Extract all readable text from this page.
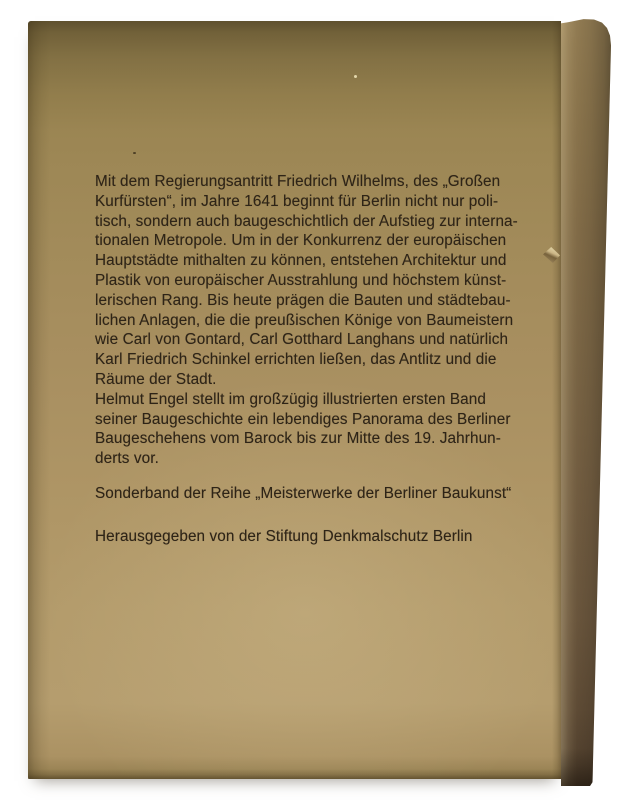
Mit dem Regierungsantritt Friedrich Wilhelms, des „Großen
Kurfürsten“, im Jahre 1641 beginnt für Berlin nicht nur poli-
tisch, sondern auch baugeschichtlich der Aufstieg zur interna-
tionalen Metropole. Um in der Konkurrenz der europäischen
Hauptstädte mithalten zu können, entstehen Architektur und
Plastik von europäischer Ausstrahlung und höchstem künst-
lerischen Rang. Bis heute prägen die Bauten und städtebau-
lichen Anlagen, die die preußischen Könige von Baumeistern
wie Carl von Gontard, Carl Gotthard Langhans und natürlich
Karl Friedrich Schinkel errichten ließen, das Antlitz und die
Räume der Stadt.
Helmut Engel stellt im großzügig illustrierten ersten Band
seiner Baugeschichte ein lebendiges Panorama des Berliner
Baugeschehens vom Barock bis zur Mitte des 19. Jahrhun-
derts vor.
Sonderband der Reihe „Meisterwerke der Berliner Baukunst“
Herausgegeben von der Stiftung Denkmalschutz Berlin
